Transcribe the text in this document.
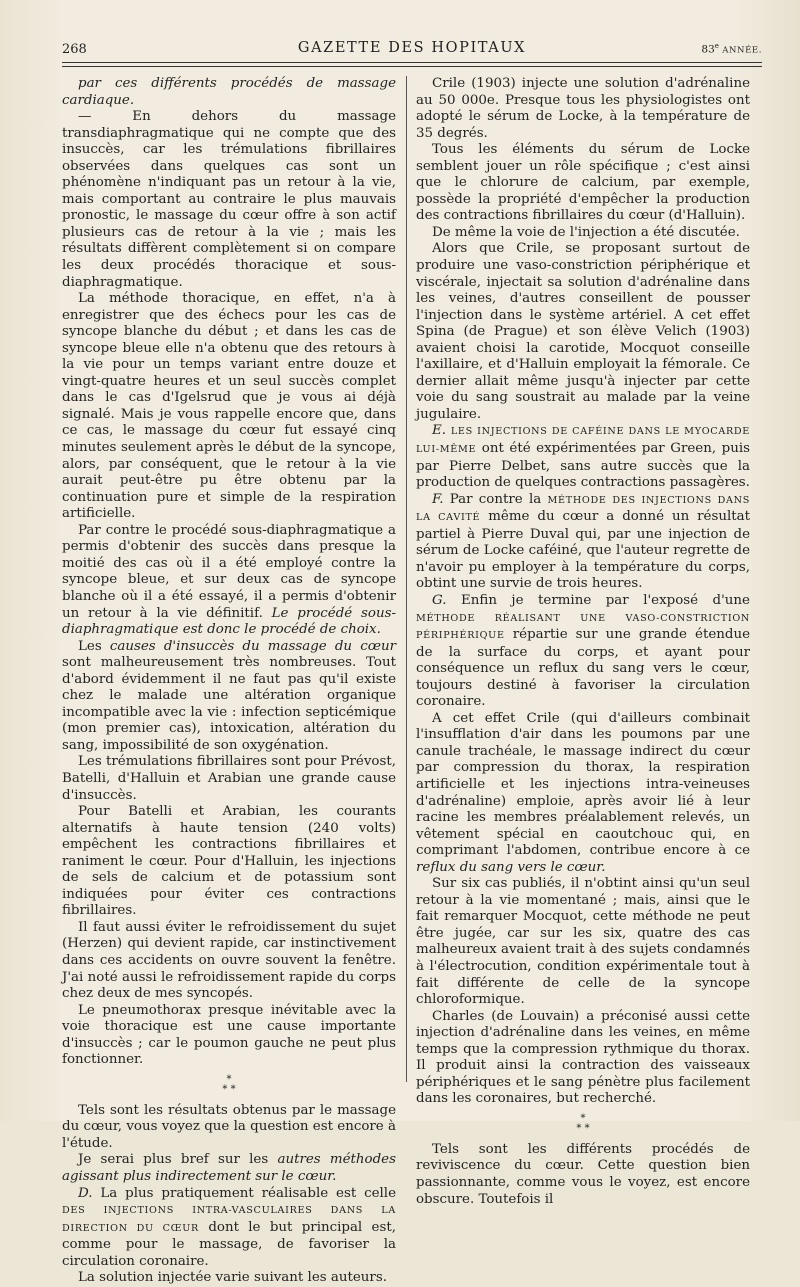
268	GAZETTE DES HOPITAUX	83e ANNÉE.

par ces différents procédés de massage cardiaque.

— En dehors du massage transdiaphragmatique qui ne compte que des insuccès, car les trémulations fibrillaires observées dans quelques cas sont un phénomène n'indiquant pas un retour à la vie, mais comportant au contraire le plus mauvais pronostic, le massage du cœur offre à son actif plusieurs cas de retour à la vie ; mais les résultats diffèrent complètement si on compare les deux procédés thoracique et sous-diaphragmatique.

La méthode thoracique, en effet, n'a à enregistrer que des échecs pour les cas de syncope blanche du début ; et dans les cas de syncope bleue elle n'a obtenu que des retours à la vie pour un temps variant entre douze et vingt-quatre heures et un seul succès complet dans le cas d'Igelsrud que je vous ai déjà signalé. Mais je vous rappelle encore que, dans ce cas, le massage du cœur fut essayé cinq minutes seulement après le début de la syncope, alors, par conséquent, que le retour à la vie aurait peut-être pu être obtenu par la continuation pure et simple de la respiration artificielle.

Par contre le procédé sous-diaphragmatique a permis d'obtenir des succès dans presque la moitié des cas où il a été employé contre la syncope bleue, et sur deux cas de syncope blanche où il a été essayé, il a permis d'obtenir un retour à la vie définitif. Le procédé sous-diaphragmatique est donc le procédé de choix.

Les causes d'insuccès du massage du cœur sont malheureusement très nombreuses. Tout d'abord évidemment il ne faut pas qu'il existe chez le malade une altération organique incompatible avec la vie : infection septicémique (mon premier cas), intoxication, altération du sang, impossibilité de son oxygénation.

Les trémulations fibrillaires sont pour Prévost, Batelli, d'Halluin et Arabian une grande cause d'insuccès.

Pour Batelli et Arabian, les courants alternatifs à haute tension (240 volts) empêchent les contractions fibrillaires et raniment le cœur. Pour d'Halluin, les injections de sels de calcium et de potassium sont indiquées pour éviter ces contractions fibrillaires.

Il faut aussi éviter le refroidissement du sujet (Herzen) qui devient rapide, car instinctivement dans ces accidents on ouvre souvent la fenêtre. J'ai noté aussi le refroidissement rapide du corps chez deux de mes syncopés.

Le pneumothorax presque inévitable avec la voie thoracique est une cause importante d'insuccès ; car le poumon gauche ne peut plus fonctionner.

*
* *

Tels sont les résultats obtenus par le massage du cœur, vous voyez que la question est encore à l'étude.

Je serai plus bref sur les autres méthodes agissant plus indirectement sur le cœur.

D. La plus pratiquement réalisable est celle DES INJECTIONS INTRA-VASCULAIRES DANS LA DIRECTION DU CŒUR dont le but principal est, comme pour le massage, de favoriser la circulation coronaire.

La solution injectée varie suivant les auteurs.

Crile (1903) injecte une solution d'adrénaline au 50 000e. Presque tous les physiologistes ont adopté le sérum de Locke, à la température de 35 degrés.

Tous les éléments du sérum de Locke semblent jouer un rôle spécifique ; c'est ainsi que le chlorure de calcium, par exemple, possède la propriété d'empêcher la production des contractions fibrillaires du cœur (d'Halluin).

De même la voie de l'injection a été discutée.

Alors que Crile, se proposant surtout de produire une vaso-constriction périphérique et viscérale, injectait sa solution d'adrénaline dans les veines, d'autres conseillent de pousser l'injection dans le système artériel. A cet effet Spina (de Prague) et son élève Velich (1903) avaient choisi la carotide, Mocquot conseille l'axillaire, et d'Halluin employait la fémorale. Ce dernier allait même jusqu'à injecter par cette voie du sang soustrait au malade par la veine jugulaire.

E. LES INJECTIONS DE CAFÉINE DANS LE MYOCARDE LUI-MÊME ont été expérimentées par Green, puis par Pierre Delbet, sans autre succès que la production de quelques contractions passagères.

F. Par contre la MÉTHODE DES INJECTIONS DANS LA CAVITÉ même du cœur a donné un résultat partiel à Pierre Duval qui, par une injection de sérum de Locke caféiné, que l'auteur regrette de n'avoir pu employer à la température du corps, obtint une survie de trois heures.

G. Enfin je termine par l'exposé d'une MÉTHODE RÉALISANT UNE VASO-CONSTRICTION PÉRIPHÉRIQUE répartie sur une grande étendue de la surface du corps, et ayant pour conséquence un reflux du sang vers le cœur, toujours destiné à favoriser la circulation coronaire.

A cet effet Crile (qui d'ailleurs combinait l'insufflation d'air dans les poumons par une canule trachéale, le massage indirect du cœur par compression du thorax, la respiration artificielle et les injections intra-veineuses d'adrénaline) emploie, après avoir lié à leur racine les membres préalablement relevés, un vêtement spécial en caoutchouc qui, en comprimant l'abdomen, contribue encore à ce reflux du sang vers le cœur.

Sur six cas publiés, il n'obtint ainsi qu'un seul retour à la vie momentané ; mais, ainsi que le fait remarquer Mocquot, cette méthode ne peut être jugée, car sur les six, quatre des cas malheureux avaient trait à des sujets condamnés à l'électrocution, condition expérimentale tout à fait différente de celle de la syncope chloroformique.

Charles (de Louvain) a préconisé aussi cette injection d'adrénaline dans les veines, en même temps que la compression rythmique du thorax. Il produit ainsi la contraction des vaisseaux périphériques et le sang pénètre plus facilement dans les coronaires, but recherché.

*
* *

Tels sont les différents procédés de reviviscence du cœur. Cette question bien passionnante, comme vous le voyez, est encore obscure. Toutefois il
